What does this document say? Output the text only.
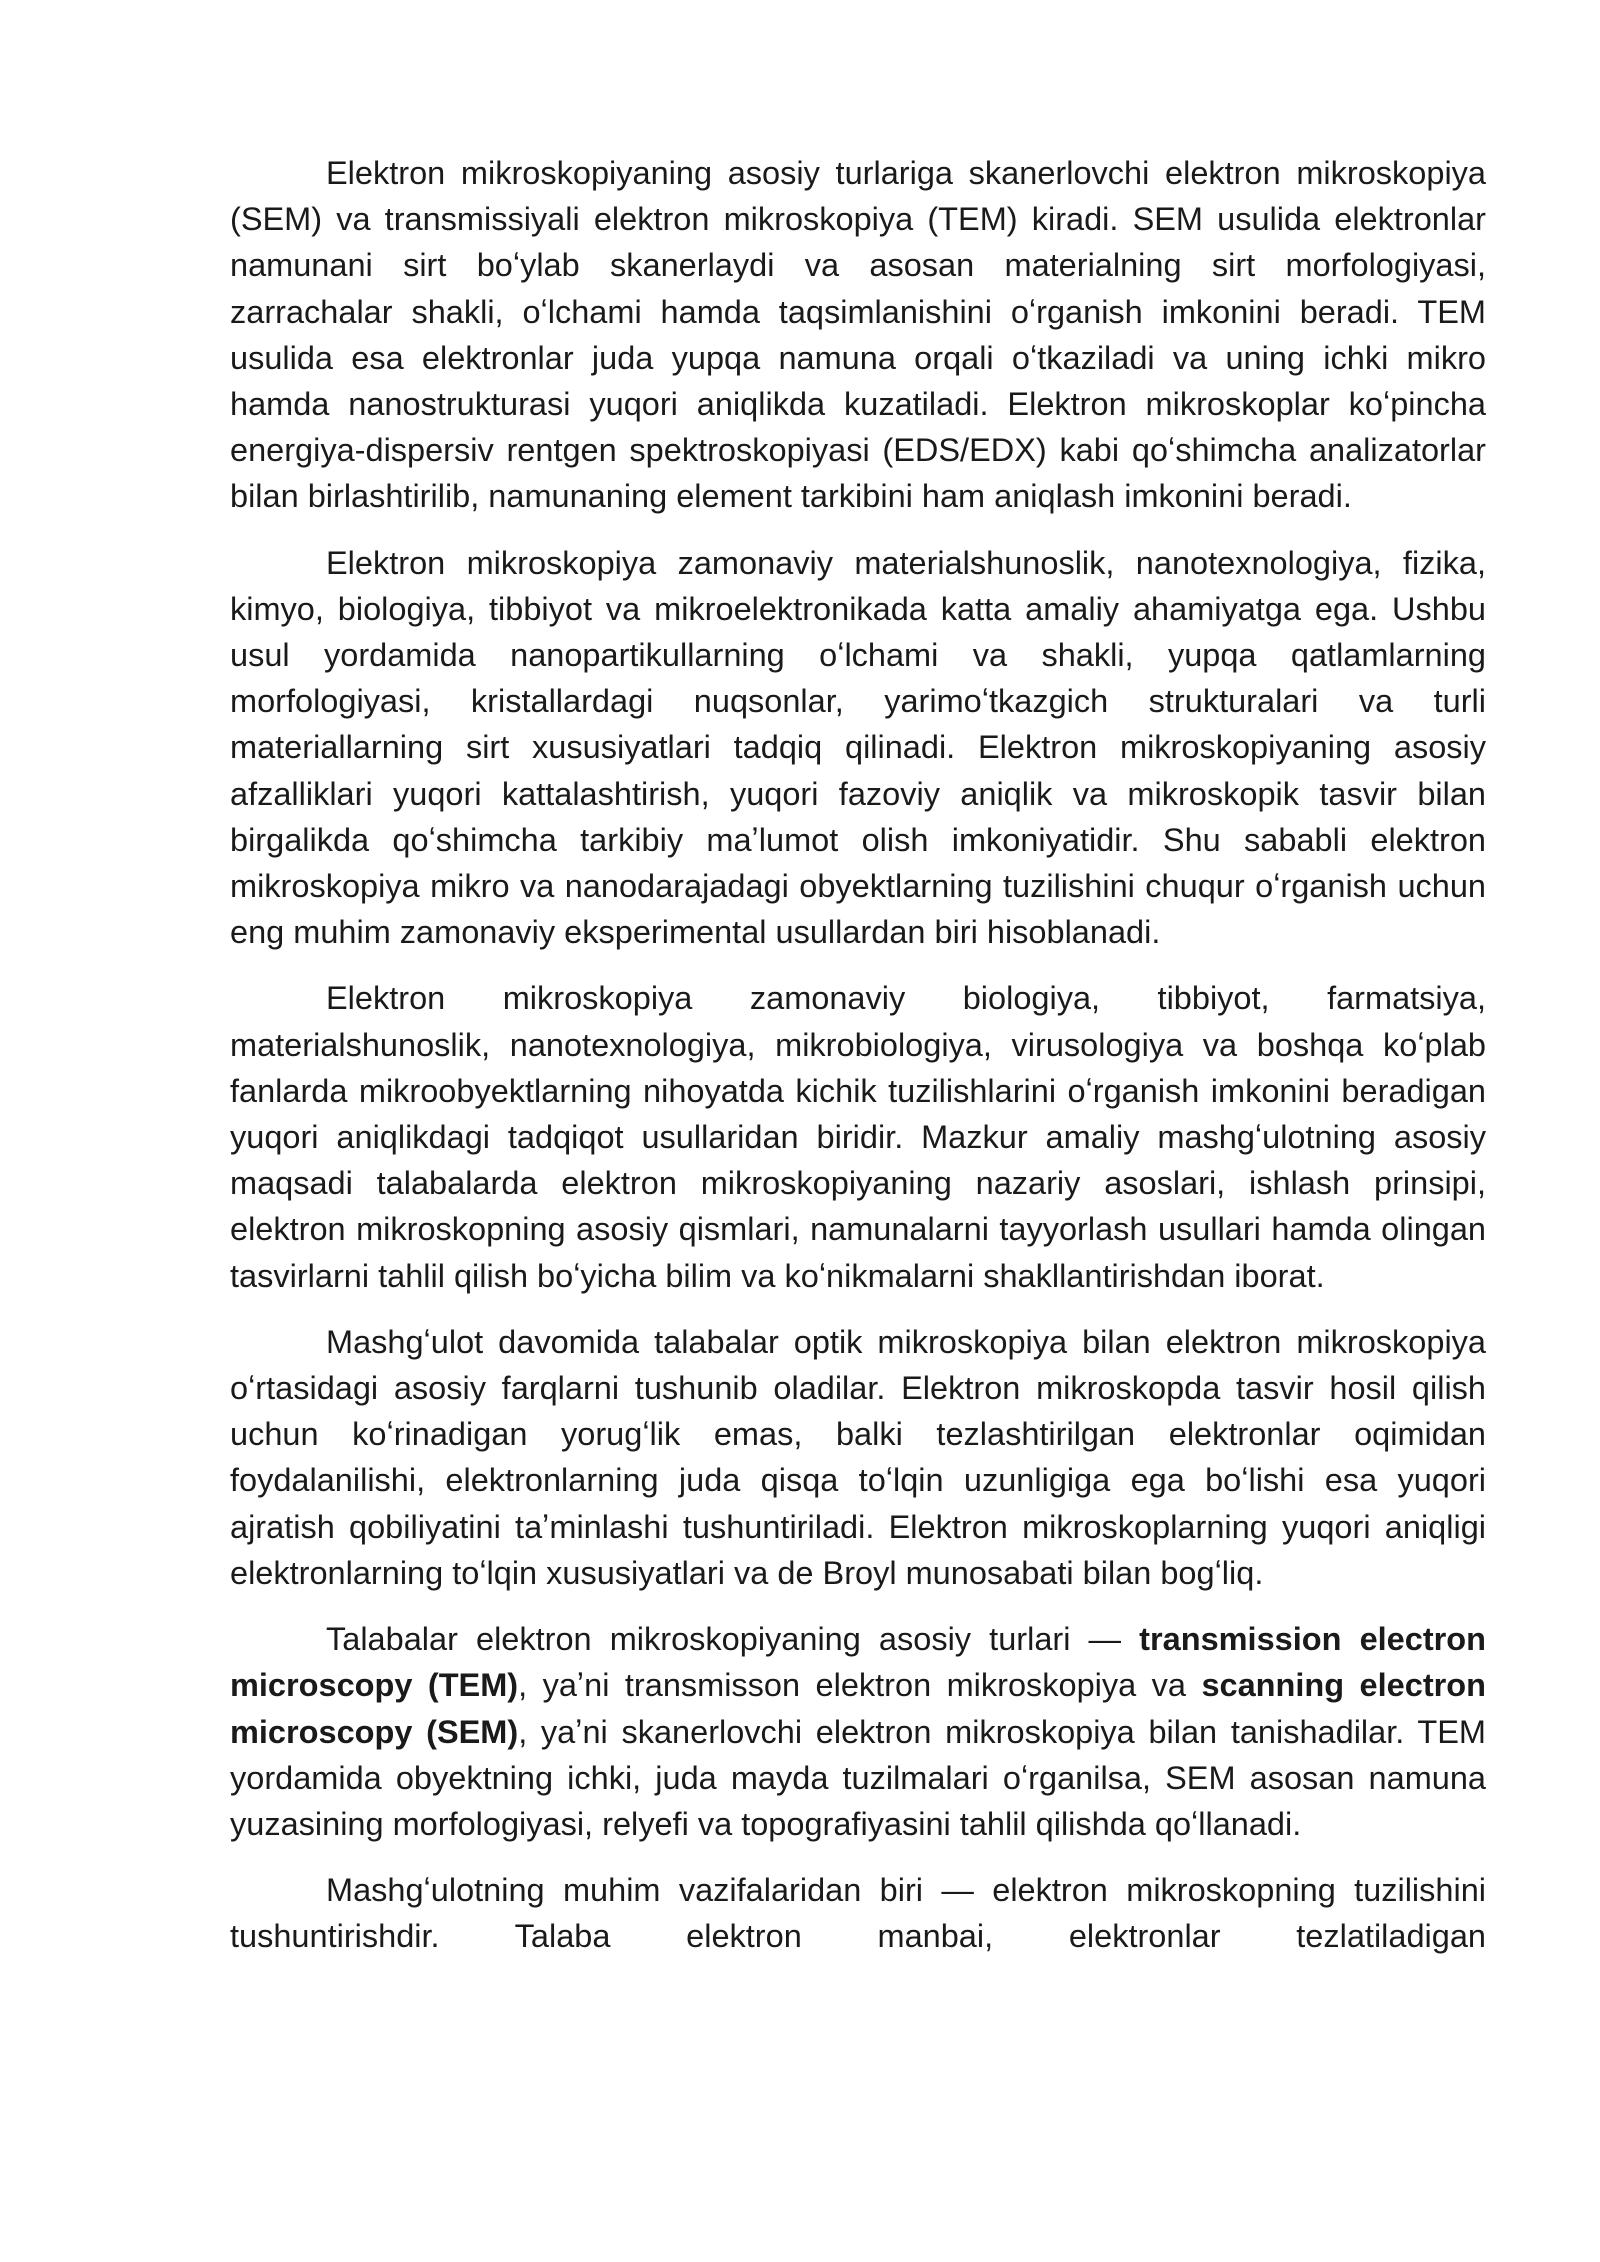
Elektron mikroskopiyaning asosiy turlariga skanerlovchi elektron mikroskopiya (SEM) va transmissiyali elektron mikroskopiya (TEM) kiradi. SEM usulida elektronlar namunani sirt boʻylab skanerlaydi va asosan materialning sirt morfologiyasi, zarrachalar shakli, oʻlchami hamda taqsimlanishini oʻrganish imkonini beradi. TEM usulida esa elektronlar juda yupqa namuna orqali oʻtkaziladi va uning ichki mikro hamda nanostrukturasi yuqori aniqlikda kuzatiladi. Elektron mikroskoplar koʻpincha energiya-dispersiv rentgen spektroskopiyasi (EDS/EDX) kabi qoʻshimcha analizatorlar bilan birlashtirilib, namunaning element tarkibini ham aniqlash imkonini beradi.

Elektron mikroskopiya zamonaviy materialshunoslik, nanotexnologiya, fizika, kimyo, biologiya, tibbiyot va mikroelektronikada katta amaliy ahamiyatga ega. Ushbu usul yordamida nanopartikullarning oʻlchami va shakli, yupqa qatlamlarning morfologiyasi, kristallardagi nuqsonlar, yarimoʻtkazgich strukturalari va turli materiallarning sirt xususiyatlari tadqiq qilinadi. Elektron mikroskopiyaning asosiy afzalliklari yuqori kattalashtirish, yuqori fazoviy aniqlik va mikroskopik tasvir bilan birgalikda qoʻshimcha tarkibiy maʼlumot olish imkoniyatidir. Shu sababli elektron mikroskopiya mikro va nanodarajadagi obyektlarning tuzilishini chuqur oʻrganish uchun eng muhim zamonaviy eksperimental usullardan biri hisoblanadi.

Elektron mikroskopiya zamonaviy biologiya, tibbiyot, farmatsiya, materialshunoslik, nanotexnologiya, mikrobiologiya, virusologiya va boshqa koʻplab fanlarda mikroobyektlarning nihoyatda kichik tuzilishlarini oʻrganish imkonini beradigan yuqori aniqlikdagi tadqiqot usullaridan biridir. Mazkur amaliy mashgʻulotning asosiy maqsadi talabalarda elektron mikroskopiyaning nazariy asoslari, ishlash prinsipi, elektron mikroskopning asosiy qismlari, namunalarni tayyorlash usullari hamda olingan tasvirlarni tahlil qilish boʻyicha bilim va koʻnikmalarni shakllantirishdan iborat.

Mashgʻulot davomida talabalar optik mikroskopiya bilan elektron mikroskopiya oʻrtasidagi asosiy farqlarni tushunib oladilar. Elektron mikroskopda tasvir hosil qilish uchun koʻrinadigan yorugʻlik emas, balki tezlashtirilgan elektronlar oqimidan foydalanilishi, elektronlarning juda qisqa toʻlqin uzunligiga ega boʻlishi esa yuqori ajratish qobiliyatini taʼminlashi tushuntiriladi. Elektron mikroskoplarning yuqori aniqligi elektronlarning toʻlqin xususiyatlari va de Broyl munosabati bilan bogʻliq.

Talabalar elektron mikroskopiyaning asosiy turlari — transmission electron microscopy (TEM), yaʼni transmisson elektron mikroskopiya va scanning electron microscopy (SEM), yaʼni skanerlovchi elektron mikroskopiya bilan tanishadilar. TEM yordamida obyektning ichki, juda mayda tuzilmalari oʻrganilsa, SEM asosan namuna yuzasining morfologiyasi, relyefi va topografiyasini tahlil qilishda qoʻllanadi.

Mashgʻulotning muhim vazifalaridan biri — elektron mikroskopning tuzilishini tushuntirishdir. Talaba elektron manbai, elektronlar tezlatiladigan
